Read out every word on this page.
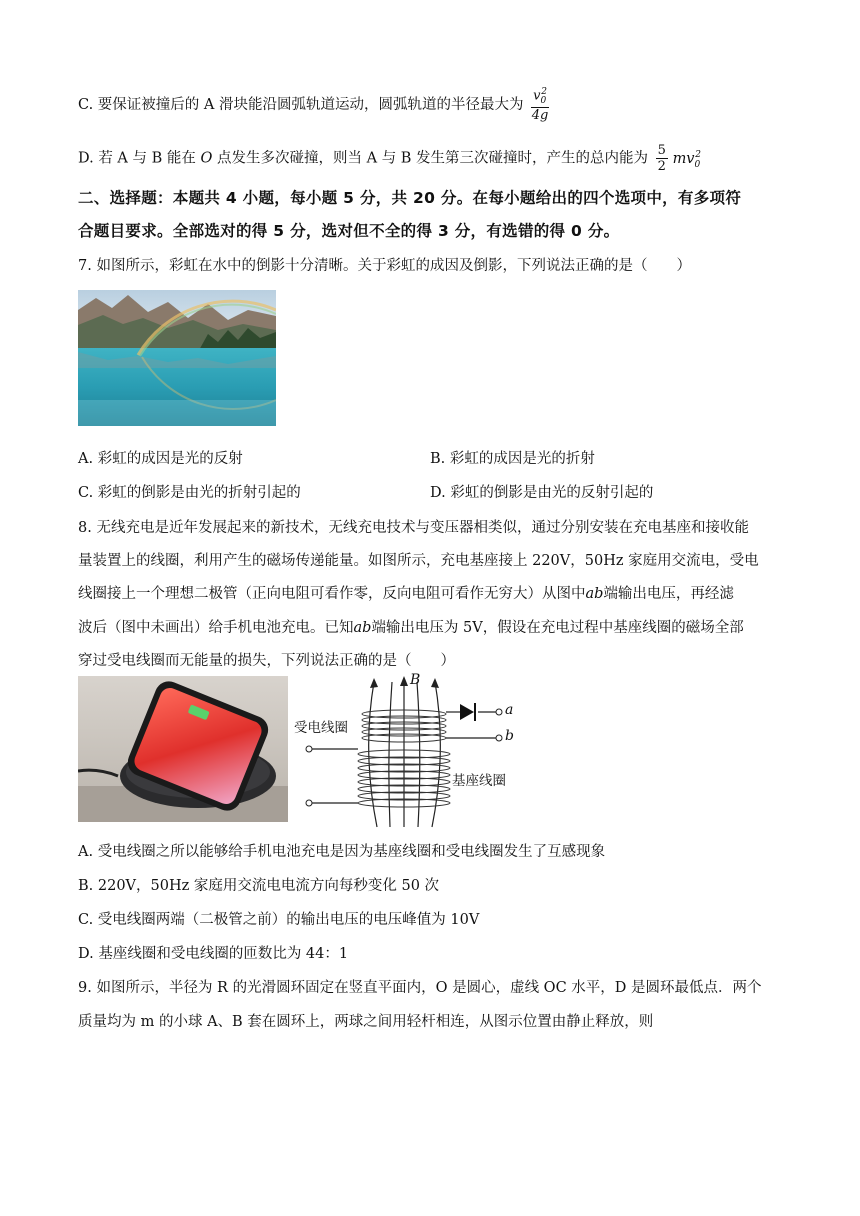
C. 要保证被撞后的 A 滑块能沿圆弧轨道运动，圆弧轨道的半径最大为 $\frac{v_0^2}{4g}$
D. 若 A 与 B 能在 O 点发生多次碰撞，则当 A 与 B 发生第三次碰撞时，产生的总内能为 $\frac{5}{2} mv_0^2$
二、选择题：本题共 4 小题，每小题 5 分，共 20 分。在每小题给出的四个选项中，有多项符
合题目要求。全部选对的得 5 分，选对但不全的得 3 分，有选错的得 0 分。
7. 如图所示，彩虹在水中的倒影十分清晰。关于彩虹的成因及倒影，下列说法正确的是（　　）
A. 彩虹的成因是光的反射	B. 彩虹的成因是光的折射
C. 彩虹的倒影是由光的折射引起的	D. 彩虹的倒影是由光的反射引起的
8. 无线充电是近年发展起来的新技术，无线充电技术与变压器相类似，通过分别安装在充电基座和接收能
量装置上的线圈，利用产生的磁场传递能量。如图所示，充电基座接上 220V，50Hz 家庭用交流电，受电
线圈接上一个理想二极管（正向电阻可看作零，反向电阻可看作无穷大）从图中ab端输出电压，再经滤
波后（图中未画出）给手机电池充电。已知ab端输出电压为 5V，假设在充电过程中基座线圈的磁场全部
穿过受电线圈而无能量的损失，下列说法正确的是（　　）
B
a
b
受电线圈
基座线圈
A. 受电线圈之所以能够给手机电池充电是因为基座线圈和受电线圈发生了互感现象
B. 220V，50Hz 家庭用交流电电流方向每秒变化 50 次
C. 受电线圈两端（二极管之前）的输出电压的电压峰值为 10V
D. 基座线圈和受电线圈的匝数比为 44：1
9. 如图所示，半径为 R 的光滑圆环固定在竖直平面内，O 是圆心，虚线 OC 水平，D 是圆环最低点．两个
质量均为 m 的小球 A、B 套在圆环上，两球之间用轻杆相连，从图示位置由静止释放，则
